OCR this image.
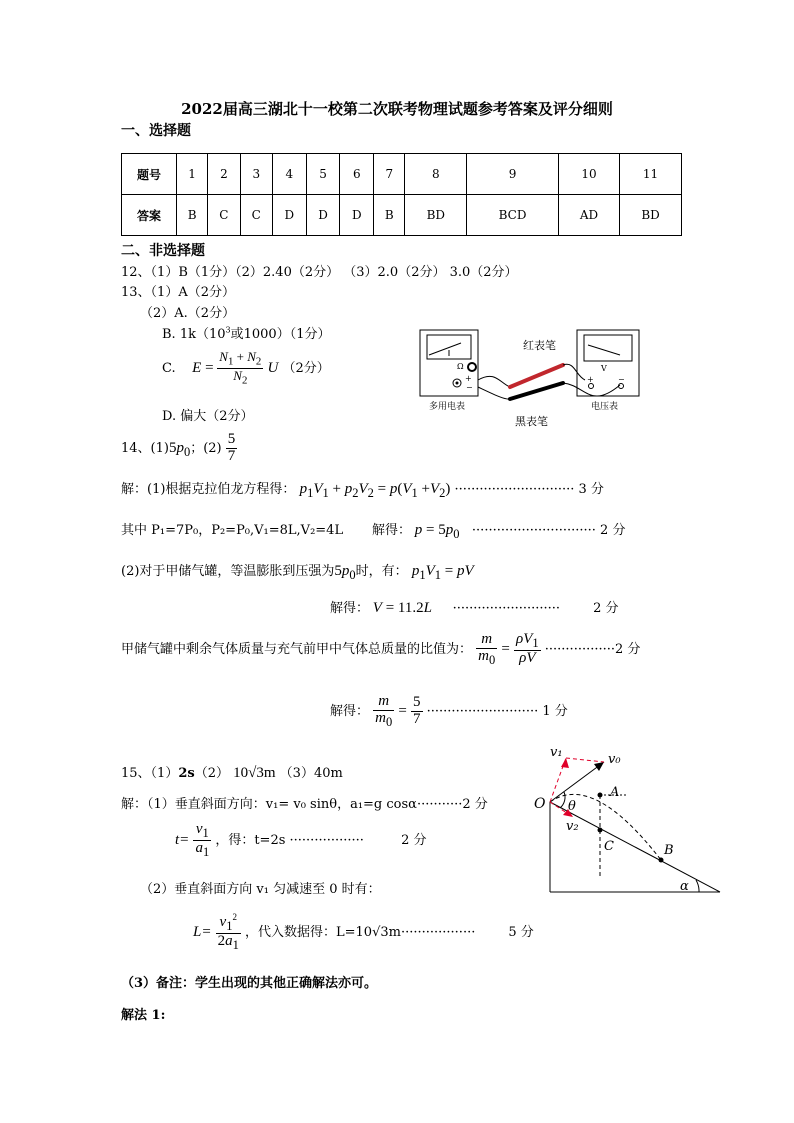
2022届高三湖北十一校第二次联考物理试题参考答案及评分细则
一、选择题
题号	1	2	3	4	5	6	7	8	9	10	11
答案	B	C	C	D	D	D	B	BD	BCD	AD	BD
二、非选择题
12、（1）B（1分）（2）2.40（2分） （3）2.0（2分） 3.0（2分）
13、（1）A（2分）
（2）A.（2分）
B. $1k(10^3$或1000）（1分）
C. $E = \frac{N_1 + N_2}{N_2}$ U （2分）
D. 偏大（2分）
Ω
+
−
V
+	−
红表笔
黑表笔
多用电表	电压表
14、$(1)5p_0$；$(2) \frac{5}{7}$
解：(1)根据克拉伯龙方程得： $p_1V_1 + p_2V_2 = p(V_1 +V_2)$ ····························· 3 分
其中 P₁=7P₀，P₂=P₀,V₁=8L,V₂=4L 解得： $p = 5p_0$ ······························ 2 分
(2)对于甲储气罐，等温膨胀到压强为$5p_0$时，有： $p_1V_1$ = pV
解得： V = 11.2L ··························	2 分
甲储气罐中剩余气体质量与充气前甲中气体总质量的比值为： $\frac{m}{m_0} = \frac{\rho V_1}{\rho V} \cdot\cdot\cdot\cdot\cdot\cdot\cdot\cdot\cdot\cdot\cdot\cdot\cdot\cdot\cdot\cdot\cdot 2$ 分
解得： $\frac{m}{m_0} = \frac{5}{7}$ ··························· 1 分
15、（1）2s（2） 10√3m （3）40m
解：（1）垂直斜面方向：v₁= v₀ sinθ，a₁=g cosα···········2 分
$t= \frac{v_1}{a_1}$ ，得：t=2s ··················	2 分
（2）垂直斜面方向 v₁ 匀减速至 0 时有：
$L= \frac{v_1^2}{2a_1}$ ，代入数据得：L=10√3m··················	5 分
（3）备注：学生出现的其他正确解法亦可。
解法 1:
v₁	v₀
v₂
O θ
A
C	B
α
